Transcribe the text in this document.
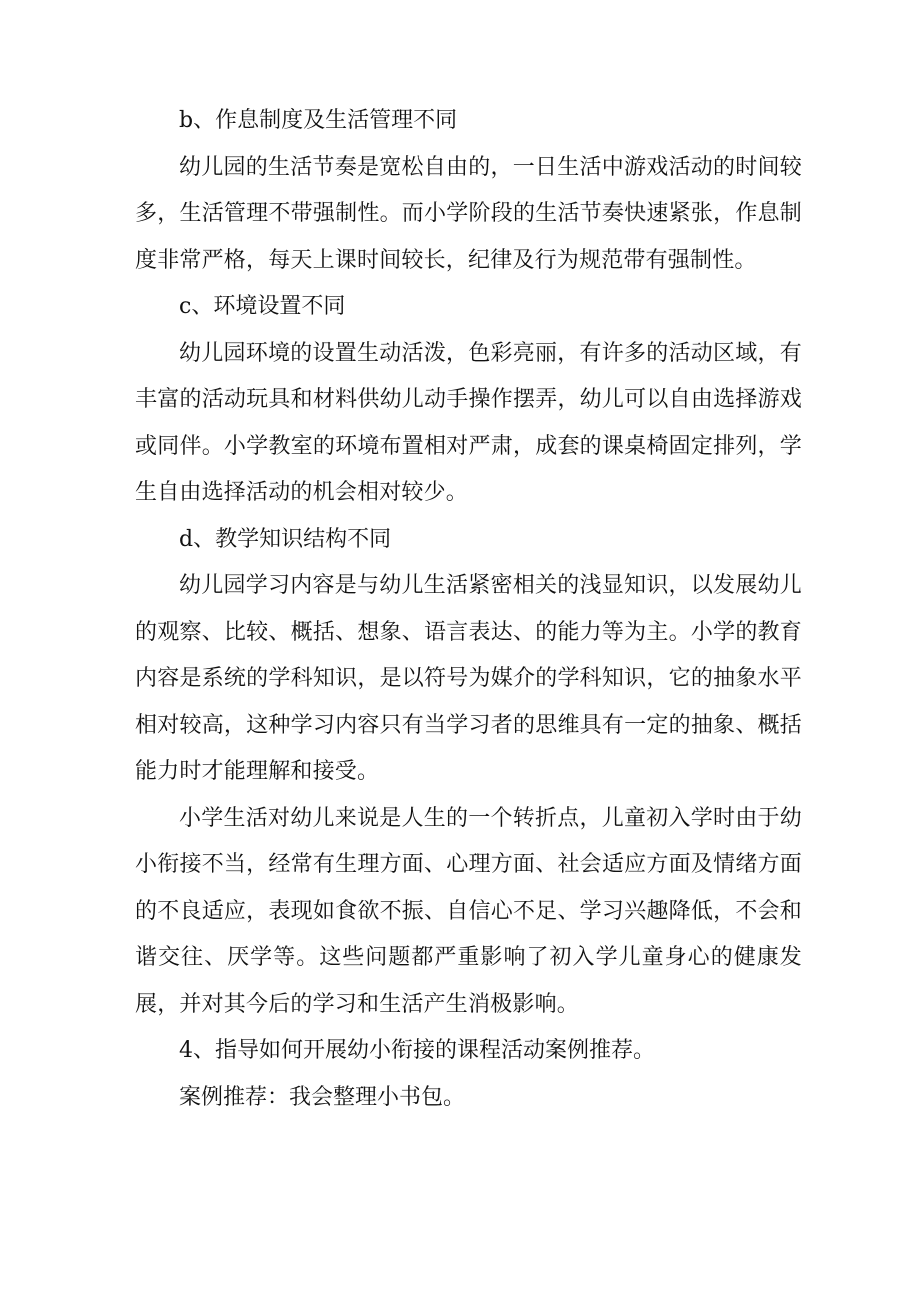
b、作息制度及生活管理不同

幼儿园的生活节奏是宽松自由的，一日生活中游戏活动的时间较多，生活管理不带强制性。而小学阶段的生活节奏快速紧张，作息制度非常严格，每天上课时间较长，纪律及行为规范带有强制性。

c、环境设置不同

幼儿园环境的设置生动活泼，色彩亮丽，有许多的活动区域，有丰富的活动玩具和材料供幼儿动手操作摆弄，幼儿可以自由选择游戏或同伴。小学教室的环境布置相对严肃，成套的课桌椅固定排列，学生自由选择活动的机会相对较少。

d、教学知识结构不同

幼儿园学习内容是与幼儿生活紧密相关的浅显知识，以发展幼儿的观察、比较、概括、想象、语言表达、的能力等为主。小学的教育内容是系统的学科知识，是以符号为媒介的学科知识，它的抽象水平相对较高，这种学习内容只有当学习者的思维具有一定的抽象、概括能力时才能理解和接受。

小学生活对幼儿来说是人生的一个转折点，儿童初入学时由于幼小衔接不当，经常有生理方面、心理方面、社会适应方面及情绪方面的不良适应，表现如食欲不振、自信心不足、学习兴趣降低，不会和谐交往、厌学等。这些问题都严重影响了初入学儿童身心的健康发展，并对其今后的学习和生活产生消极影响。

4、指导如何开展幼小衔接的课程活动案例推荐。

案例推荐：我会整理小书包。
